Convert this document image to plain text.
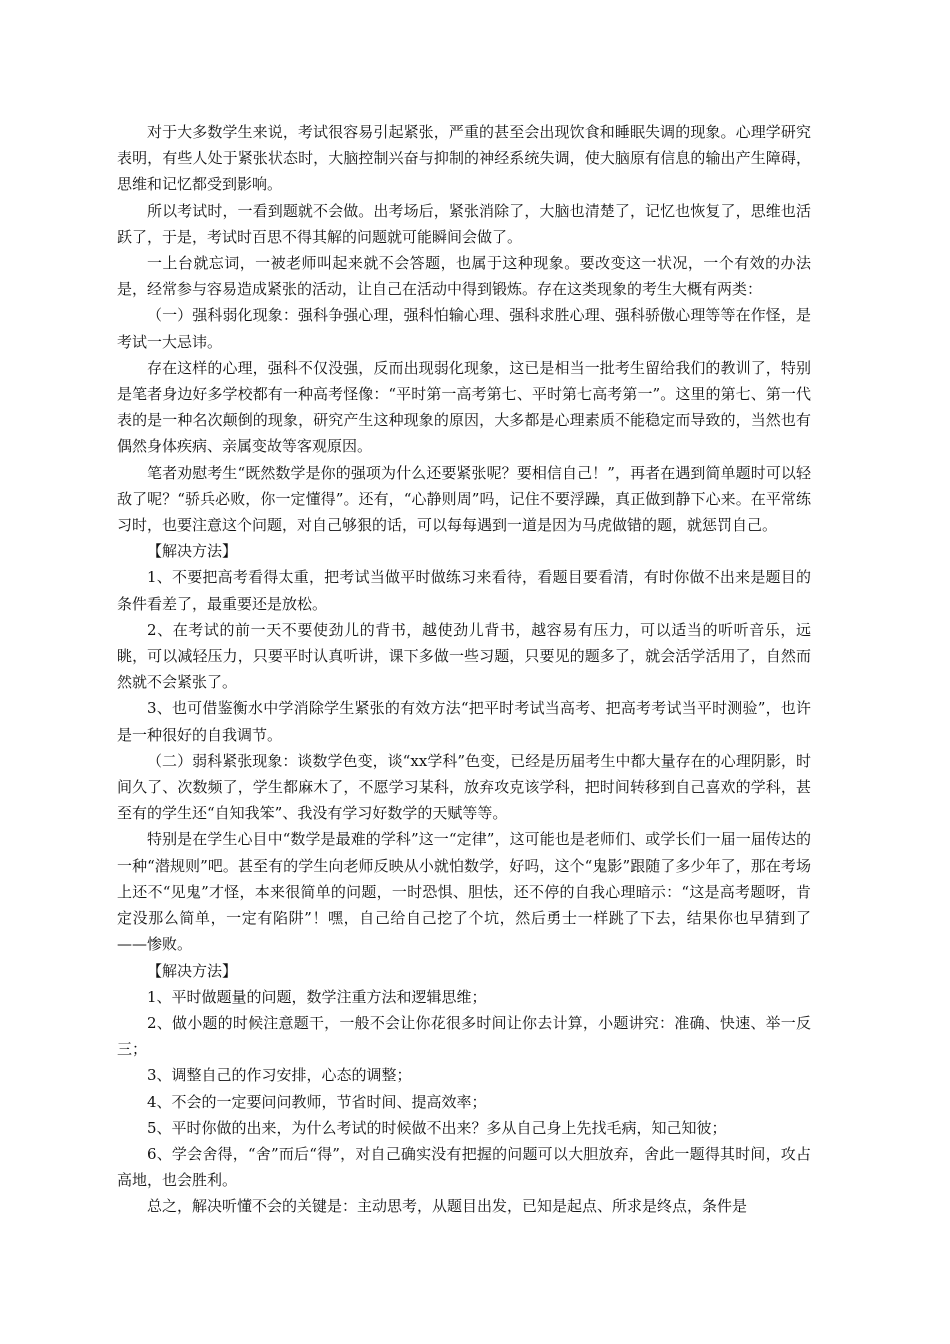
对于大多数学生来说，考试很容易引起紧张，严重的甚至会出现饮食和睡眠失调的现象。心理学研究表明，有些人处于紧张状态时，大脑控制兴奋与抑制的神经系统失调，使大脑原有信息的输出产生障碍，思维和记忆都受到影响。

所以考试时，一看到题就不会做。出考场后，紧张消除了，大脑也清楚了，记忆也恢复了，思维也活跃了，于是，考试时百思不得其解的问题就可能瞬间会做了。

一上台就忘词，一被老师叫起来就不会答题，也属于这种现象。要改变这一状况，一个有效的办法是，经常参与容易造成紧张的活动，让自己在活动中得到锻炼。存在这类现象的考生大概有两类：

（一）强科弱化现象：强科争强心理，强科怕输心理、强科求胜心理、强科骄傲心理等等在作怪，是考试一大忌讳。

存在这样的心理，强科不仅没强，反而出现弱化现象，这已是相当一批考生留给我们的教训了，特别是笔者身边好多学校都有一种高考怪像：“平时第一高考第七、平时第七高考第一”。这里的第七、第一代表的是一种名次颠倒的现象，研究产生这种现象的原因，大多都是心理素质不能稳定而导致的，当然也有偶然身体疾病、亲属变故等客观原因。

笔者劝慰考生“既然数学是你的强项为什么还要紧张呢？要相信自己！”，再者在遇到简单题时可以轻敌了呢？“骄兵必败，你一定懂得”。还有，“心静则周”吗，记住不要浮躁，真正做到静下心来。在平常练习时，也要注意这个问题，对自己够狠的话，可以每每遇到一道是因为马虎做错的题，就惩罚自己。

【解决方法】

1、不要把高考看得太重，把考试当做平时做练习来看待，看题目要看清，有时你做不出来是题目的条件看差了，最重要还是放松。

2、在考试的前一天不要使劲儿的背书，越使劲儿背书，越容易有压力，可以适当的听听音乐，远眺，可以减轻压力，只要平时认真听讲，课下多做一些习题，只要见的题多了，就会活学活用了，自然而然就不会紧张了。

3、也可借鉴衡水中学消除学生紧张的有效方法“把平时考试当高考、把高考考试当平时测验”，也许是一种很好的自我调节。

（二）弱科紧张现象：谈数学色变，谈“xx学科”色变，已经是历届考生中都大量存在的心理阴影，时间久了、次数频了，学生都麻木了，不愿学习某科，放弃攻克该学科，把时间转移到自己喜欢的学科，甚至有的学生还“自知我笨”、我没有学习好数学的天赋等等。

特别是在学生心目中“数学是最难的学科”这一“定律”，这可能也是老师们、或学长们一届一届传达的一种“潜规则”吧。甚至有的学生向老师反映从小就怕数学，好吗，这个“鬼影”跟随了多少年了，那在考场上还不“见鬼”才怪，本来很简单的问题，一时恐惧、胆怯，还不停的自我心理暗示：“这是高考题呀，肯定没那么简单，一定有陷阱”！嘿，自己给自己挖了个坑，然后勇士一样跳了下去，结果你也早猜到了——惨败。

【解决方法】

1、平时做题量的问题，数学注重方法和逻辑思维；

2、做小题的时候注意题干，一般不会让你花很多时间让你去计算，小题讲究：准确、快速、举一反三；

3、调整自己的作习安排，心态的调整；

4、不会的一定要问问教师，节省时间、提高效率；

5、平时你做的出来，为什么考试的时候做不出来？多从自己身上先找毛病，知己知彼；

6、学会舍得，“舍”而后“得”，对自己确实没有把握的问题可以大胆放弃，舍此一题得其时间，攻占高地，也会胜利。

总之，解决听懂不会的关键是：主动思考，从题目出发，已知是起点、所求是终点，条件是
